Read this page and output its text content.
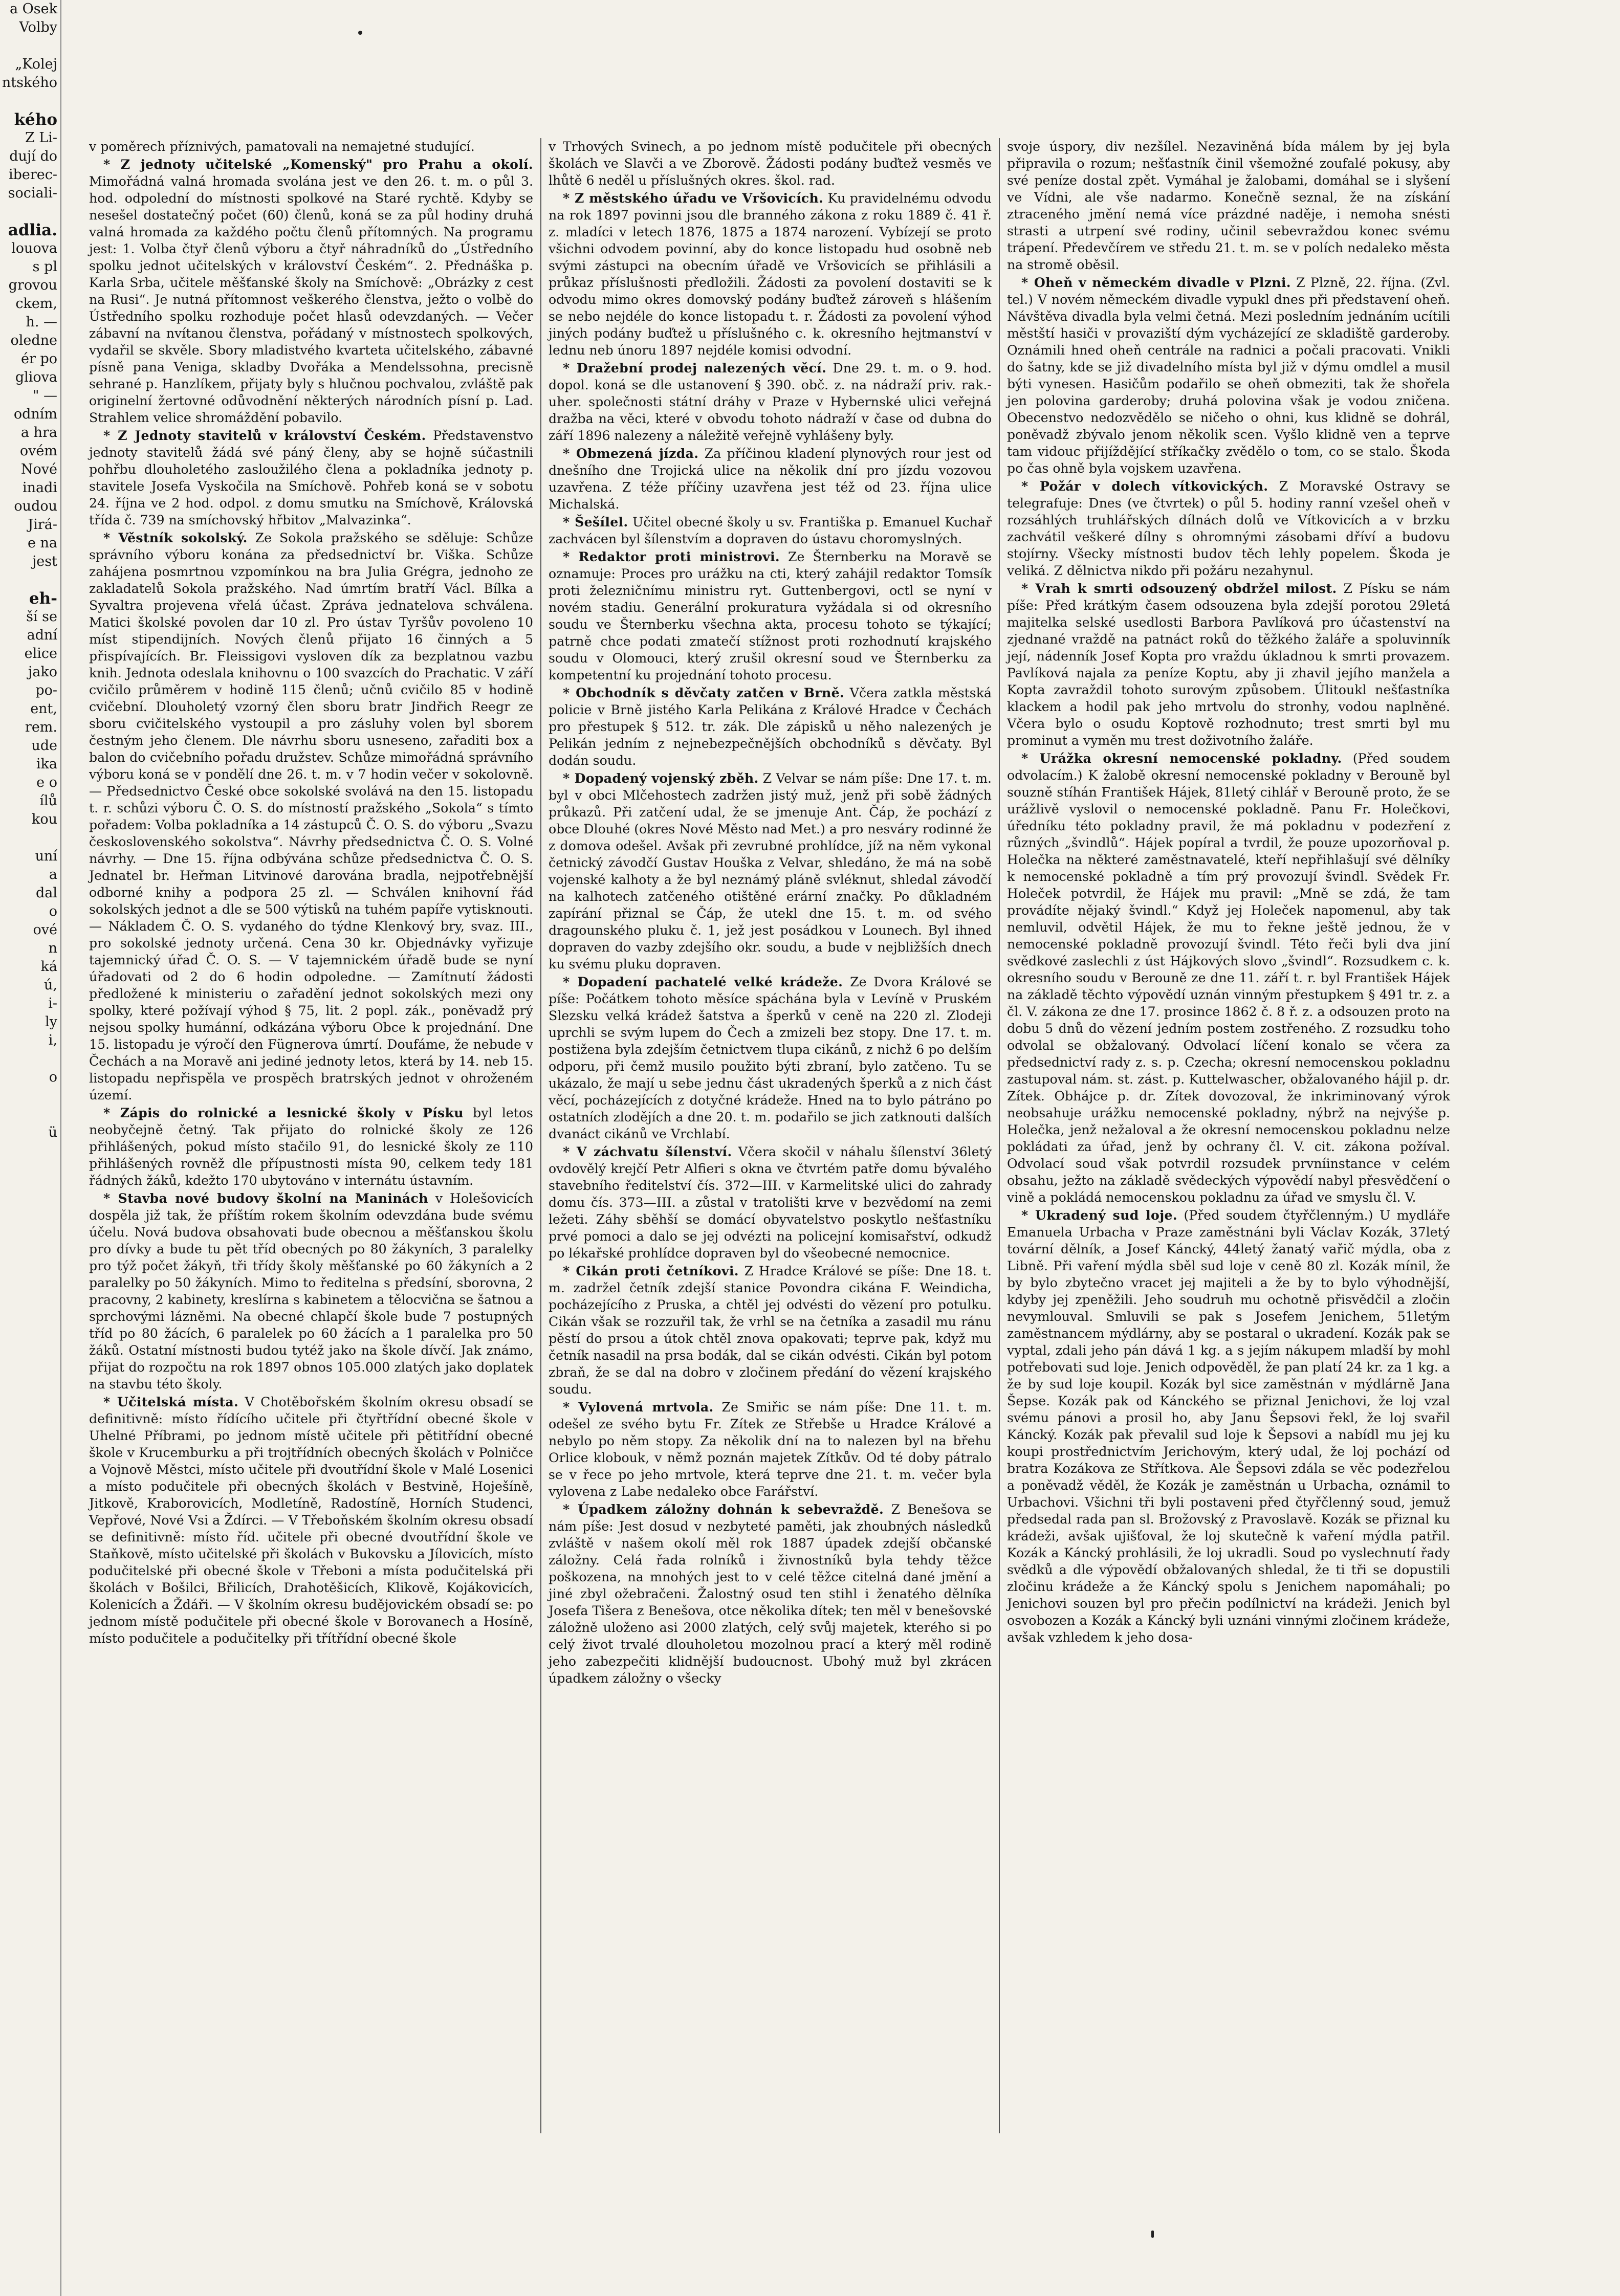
a Osek
Volby

„Kolej
ntského

kého
Z Li-
dují do
iberec-
sociali-

adlia.
louova
s pl
grovou
ckem,
h. —
oledne
ér po
gliova
" —
odním
a hra
ovém
Nové
inadi
oudou
Jirá-
e na
jest

eh-
ší se
adní
elice
jako
po-
ent,
rem.
ude
ika
e o
ílů
kou

uní
a
dal
o
ové
n
ká
ú,
i-
ly
i,

o

ü

v poměrech příznivých, pamatovali na nemajetné studující.

* Z jednoty učitelské „Komenský" pro Prahu a okolí. Mimořádná valná hromada svolána jest ve den 26. t. m. o půl 3. hod. odpolední do místnosti spolkové na Staré rychtě. Kdyby se nesešel dostatečný počet (60) členů, koná se za půl hodiny druhá valná hromada za každého počtu členů přítomných. Na programu jest: 1. Volba čtyř členů výboru a čtyř náhradníků do „Ústředního spolku jednot učitelských v království Českém“. 2. Přednáška p. Karla Srba, učitele měšťanské školy na Smíchově: „Obrázky z cest na Rusi“. Je nutná přítomnost veškerého členstva, ježto o volbě do Ústředního spolku rozhoduje počet hlasů odevzdaných. — Večer zábavní na nvítanou členstva, pořádaný v místnostech spolkových, vydařil se skvěle. Sbory mladistvého kvarteta učitelského, zábavné písně pana Veniga, skladby Dvořáka a Mendelssohna, precisně sehrané p. Hanzlíkem, přijaty byly s hlučnou pochvalou, zvláště pak originelní žertovné odůvodnění některých národních písní p. Lad. Strahlem velice shromáždění pobavilo.

* Z Jednoty stavitelů v království Českém. Představenstvo jednoty stavitelů žádá své páný členy, aby se hojně súčastnili pohřbu dlouholetého zasloužilého člena a pokladníka jednoty p. stavitele Josefa Vyskočila na Smíchově. Pohřeb koná se v sobotu 24. října ve 2 hod. odpol. z domu smutku na Smíchově, Královská třída č. 739 na smíchovský hřbitov „Malvazinka“.

* Věstník sokolský. Ze Sokola pražského se sděluje: Schůze správního výboru konána za předsednictví br. Viška. Schůze zahájena posmrtnou vzpomínkou na bra Julia Grégra, jednoho ze zakladatelů Sokola pražského. Nad úmrtím bratří Václ. Bílka a Syvaltra projevena vřelá účast. Zpráva jednatelova schválena. Matici školské povolen dar 10 zl. Pro ústav Tyršův povoleno 10 míst stipendijních. Nových členů přijato 16 činných a 5 přispívajících. Br. Fleissigovi vysloven dík za bezplatnou vazbu knih. Jednota odeslala knihovnu o 100 svazcích do Prachatic. V září cvičilo průměrem v hodině 115 členů; učnů cvičilo 85 v hodině cvičební. Dlouholetý vzorný člen sboru bratr Jindřich Reegr ze sboru cvičitelského vystoupil a pro zásluhy volen byl sborem čestným jeho členem. Dle návrhu sboru usneseno, zařaditi box a balon do cvičebního pořadu družstev. Schůze mimořádná správního výboru koná se v pondělí dne 26. t. m. v 7 hodin večer v sokolovně. — Předsednictvo České obce sokolské svolává na den 15. listopadu t. r. schůzi výboru Č. O. S. do místností pražského „Sokola“ s tímto pořadem: Volba pokladníka a 14 zástupců Č. O. S. do výboru „Svazu československého sokolstva“. Návrhy předsednictva Č. O. S. Volné návrhy. — Dne 15. října odbývána schůze předsednictva Č. O. S. Jednatel br. Heřman Litvinové darována bradla, nejpotřebnější odborné knihy a podpora 25 zl. — Schválen knihovní řád sokolských jednot a dle se 500 výtisků na tuhém papíře vytisknouti. — Nákladem Č. O. S. vydaného do týdne Klenkový bry, svaz. III., pro sokolské jednoty určená. Cena 30 kr. Objednávky vyřizuje tajemnický úřad Č. O. S. — V tajemnickém úřadě bude se nyní úřadovati od 2 do 6 hodin odpoledne. — Zamítnutí žádosti předložené k ministeriu o zařadění jednot sokolských mezi ony spolky, které požívají výhod § 75, lit. 2 popl. zák., poněvadž prý nejsou spolky humánní, odkázána výboru Obce k projednání. Dne 15. listopadu je výročí den Fügnerova úmrtí. Doufáme, že nebude v Čechách a na Moravě ani jediné jednoty letos, která by 14. neb 15. listopadu nepřispěla ve prospěch bratrských jednot v ohroženém území.

* Zápis do rolnické a lesnické školy v Písku byl letos neobyčejně četný. Tak přijato do rolnické školy ze 126 přihlášených, pokud místo stačilo 91, do lesnické školy ze 110 přihlášených rovněž dle přípustnosti místa 90, celkem tedy 181 řádných žáků, kdežto 170 ubytováno v internátu ústavním.

* Stavba nové budovy školní na Maninách v Holešovicích dospěla již tak, že příštím rokem školním odevzdána bude svému účelu. Nová budova obsahovati bude obecnou a měšťanskou školu pro dívky a bude tu pět tříd obecných po 80 žákyních, 3 paralelky pro týž počet žákyň, tři třídy školy měšťanské po 60 žákyních a 2 paralelky po 50 žákyních. Mimo to ředitelna s předsíní, sborovna, 2 pracovny, 2 kabinety, kreslírna s kabinetem a tělocvična se šatnou a sprchovými lázněmi. Na obecné chlapčí škole bude 7 postupných tříd po 80 žácích, 6 paralelek po 60 žácích a 1 paralelka pro 50 žáků. Ostatní místnosti budou tytéž jako na škole dívčí. Jak známo, přijat do rozpočtu na rok 1897 obnos 105.000 zlatých jako doplatek na stavbu této školy.

* Učitelská místa. V Chotěbořském školním okresu obsadí se definitivně: místo řídícího učitele při čtyřtřídní obecné škole v Uhelné Příbrami, po jednom místě učitele při pětitřídní obecné škole v Krucemburku a při trojtřídních obecných školách v Polničce a Vojnově Městci, místo učitele při dvoutřídní škole v Malé Losenici a místo podučitele při obecných školách v Bestvině, Hoješíně, Jitkově, Kraborovicích, Modletíně, Radostíně, Horních Studenci, Vepřové, Nové Vsi a Ždírci. — V Třeboňském školním okresu obsadí se definitivně: místo říd. učitele při obecné dvoutřídní škole ve Staňkově, místo učitelské při školách v Bukovsku a Jílovicích, místo podučitelské při obecné škole v Třeboni a místa podučitelská při školách v Bošilci, Břilicích, Drahotěšicích, Klikově, Kojákovicích, Kolenicích a Ždáři. — V školním okresu budějovickém obsadí se: po jednom místě podučitele při obecné škole v Borovanech a Hosíně, místo podučitele a podučitelky při třítřídní obecné škole

v Trhových Svinech, a po jednom místě podučitele při obecných školách ve Slavči a ve Zborově. Žádosti podány buďtež vesměs ve lhůtě 6 neděl u příslušných okres. škol. rad.

* Z městského úřadu ve Vršovicích. Ku pravidelnému odvodu na rok 1897 povinni jsou dle branného zákona z roku 1889 č. 41 ř. z. mladíci v letech 1876, 1875 a 1874 narození. Vybízejí se proto všichni odvodem povinní, aby do konce listopadu hud osobně neb svými zástupci na obecním úřadě ve Vršovicích se přihlásili a průkaz příslušnosti předložili. Žádosti za povolení dostaviti se k odvodu mimo okres domovský podány buďtež zároveň s hlášením se nebo nejdéle do konce listopadu t. r. Žádosti za povolení výhod jiných podány buďtež u příslušného c. k. okresního hejtmanství v lednu neb únoru 1897 nejdéle komisi odvodní.

* Dražební prodej nalezených věcí. Dne 29. t. m. o 9. hod. dopol. koná se dle ustanovení § 390. obč. z. na nádraží priv. rak.-uher. společnosti státní dráhy v Praze v Hybernské ulici veřejná dražba na věci, které v obvodu tohoto nádraží v čase od dubna do září 1896 nalezeny a náležitě veřejně vyhlášeny byly.

* Obmezená jízda. Za příčinou kladení plynových rour jest od dnešního dne Trojická ulice na několik dní pro jízdu vozovou uzavřena. Z téže příčiny uzavřena jest též od 23. října ulice Michalská.

* Šešílel. Učitel obecné školy u sv. Františka p. Emanuel Kuchař zachvácen byl šílenstvím a dopraven do ústavu choromyslných.

* Redaktor proti ministrovi. Ze Šternberku na Moravě se oznamuje: Proces pro urážku na cti, který zahájil redaktor Tomsík proti železničnímu ministru ryt. Guttenbergovi, octl se nyní v novém stadiu. Generální prokuratura vyžádala si od okresního soudu ve Šternberku všechna akta, procesu tohoto se týkající; patrně chce podati zmatečí stížnost proti rozhodnutí krajského soudu v Olomouci, který zrušil okresní soud ve Šternberku za kompetentní ku projednání tohoto procesu.

* Obchodník s děvčaty zatčen v Brně. Včera zatkla městská policie v Brně jistého Karla Pelikána z Králové Hradce v Čechách pro přestupek § 512. tr. zák. Dle zápisků u něho nalezených je Pelikán jedním z nejnebezpečnějších obchodníků s děvčaty. Byl dodán soudu.

* Dopadený vojenský zběh. Z Velvar se nám píše: Dne 17. t. m. byl v obci Mlčehostech zadržen jistý muž, jenž při sobě žádných průkazů. Při zatčení udal, že se jmenuje Ant. Čáp, že pochází z obce Dlouhé (okres Nové Město nad Met.) a pro nesváry rodinné že z domova odešel. Avšak při zevrubné prohlídce, jíž na něm vykonal četnický závodčí Gustav Houška z Velvar, shledáno, že má na sobě vojenské kalhoty a že byl neznámý pláně svléknut, shledal závodčí na kalhotech zatčeného otištěné erární značky. Po důkladném zapírání přiznal se Čáp, že utekl dne 15. t. m. od svého dragounského pluku č. 1, jež jest posádkou v Lounech. Byl ihned dopraven do vazby zdejšího okr. soudu, a bude v nejbližších dnech ku svému pluku dopraven.

* Dopadení pachatelé velké krádeže. Ze Dvora Králové se píše: Počátkem tohoto měsíce spáchána byla v Levíně v Pruském Slezsku velká krádež šatstva a šperků v ceně na 220 zl. Zlodeji uprchli se svým lupem do Čech a zmizeli bez stopy. Dne 17. t. m. postižena byla zdejším četnictvem tlupa cikánů, z nichž 6 po delším odporu, při čemž musilo použito býti zbraní, bylo zatčeno. Tu se ukázalo, že mají u sebe jednu část ukradených šperků a z nich část věcí, pocházejících z dotyčné krádeže. Hned na to bylo pátráno po ostatních zlodějích a dne 20. t. m. podařilo se jich zatknouti dalších dvanáct cikánů ve Vrchlabí.

* V záchvatu šílenství. Včera skočil v náhalu šílenství 36letý ovdovělý krejčí Petr Alfieri s okna ve čtvrtém patře domu bývalého stavebního ředitelství čís. 372—III. v Karmelitské ulici do zahrady domu čís. 373—III. a zůstal v tratolišti krve v bezvědomí na zemi ležeti. Záhy sběhší se domácí obyvatelstvo poskytlo nešťastníku prvé pomoci a dalo se jej odvézti na policejní komisařství, odkudž po lékařské prohlídce dopraven byl do všeobecné nemocnice.

* Cikán proti četníkovi. Z Hradce Králové se píše: Dne 18. t. m. zadržel četník zdejší stanice Povondra cikána F. Weindicha, pocházejícího z Pruska, a chtěl jej odvésti do vězení pro potulku. Cikán však se rozzuřil tak, že vrhl se na četníka a zasadil mu ránu pěstí do prsou a útok chtěl znova opakovati; teprve pak, když mu četník nasadil na prsa bodák, dal se cikán odvésti. Cikán byl potom zbraň, že se dal na dobro v zločinem předání do vězení krajského soudu.

* Vylovená mrtvola. Ze Smiřic se nám píše: Dne 11. t. m. odešel ze svého bytu Fr. Zítek ze Střebše u Hradce Králové a nebylo po něm stopy. Za několik dní na to nalezen byl na břehu Orlice klobouk, v němž poznán majetek Zítkův. Od té doby pátralo se v řece po jeho mrtvole, která teprve dne 21. t. m. večer byla vylovena z Labe nedaleko obce Farářství.

* Úpadkem záložny dohnán k sebevraždě. Z Benešova se nám píše: Jest dosud v nezbyteté paměti, jak zhoubných následků zvláště v našem okolí měl rok 1887 úpadek zdejší občanské záložny. Celá řada rolníků i živnostníků byla tehdy těžce poškozena, na mnohých jest to v celé těžce citelná dané jmění a jiné zbyl ožebračeni. Žalostný osud ten stihl i ženatého dělníka Josefa Tišera z Benešova, otce několika dítek; ten měl v benešovské záložně uloženo asi 2000 zlatých, celý svůj majetek, kterého si po celý život trvalé dlouholetou mozolnou prací a který měl rodině jeho zabezpečiti klidnější budoucnost. Ubohý muž byl zkrácen úpadkem záložny o všecky

svoje úspory, div nezšílel. Nezaviněná bída málem by jej byla připravila o rozum; nešťastník činil všemožné zoufalé pokusy, aby své peníze dostal zpět. Vymáhal je žalobami, domáhal se i slyšení ve Vídni, ale vše nadarmo. Konečně seznal, že na získání ztraceného jmění nemá více prázdné naděje, i nemoha snésti strasti a utrpení své rodiny, učinil sebevraždou konec svému trápení. Předevčírem ve středu 21. t. m. se v polích nedaleko města na stromě oběsil.

* Oheň v německém divadle v Plzni. Z Plzně, 22. října. (Zvl. tel.) V novém německém divadle vypukl dnes při představení oheň. Návštěva divadla byla velmi četná. Mezi posledním jednáním ucítili městští hasiči v provaziští dým vycházející ze skladiště garderoby. Oznámili hned oheň centrále na radnici a počali pracovati. Vnikli do šatny, kde se již divadelního místa byl již v dýmu omdlel a musil býti vynesen. Hasičům podařilo se oheň obmeziti, tak že shořela jen polovina garderoby; druhá polovina však je vodou zničena. Obecenstvo nedozvědělo se ničeho o ohni, kus klidně se dohrál, poněvadž zbývalo jenom několik scen. Vyšlo klidně ven a teprve tam vidouc přijíždějící stříkačky zvědělo o tom, co se stalo. Škoda po čas ohně byla vojskem uzavřena.

* Požár v dolech vítkovických. Z Moravské Ostravy se telegrafuje: Dnes (ve čtvrtek) o půl 5. hodiny ranní vzešel oheň v rozsáhlých truhlářských dílnách dolů ve Vítkovicích a v brzku zachvátil veškeré dílny s ohromnými zásobami dříví a budovu stojírny. Všecky místnosti budov těch lehly popelem. Škoda je veliká. Z dělnictva nikdo při požáru nezahynul.

* Vrah k smrti odsouzený obdržel milost. Z Písku se nám píše: Před krátkým časem odsouzena byla zdejší porotou 29letá majitelka selské usedlosti Barbora Pavlíková pro účastenství na zjednané vraždě na patnáct roků do těžkého žaláře a spoluvinník její, nádenník Josef Kopta pro vraždu úkladnou k smrti provazem. Pavlíková najala za peníze Koptu, aby ji zhavil jejího manžela a Kopta zavraždil tohoto surovým způsobem. Úlitoukl nešťastníka klackem a hodil pak jeho mrtvolu do stronhy, vodou naplněné. Včera bylo o osudu Koptově rozhodnuto; trest smrti byl mu prominut a vyměn mu trest doživotního žaláře.

* Urážka okresní nemocenské pokladny. (Před soudem odvolacím.) K žalobě okresní nemocenské pokladny v Berouně byl souzně stíhán František Hájek, 81letý cihlář v Berouně proto, že se urážlivě vyslovil o nemocenské pokladně. Panu Fr. Holečkovi, úředníku této pokladny pravil, že má pokladnu v podezření z různých „švindlů“. Hájek popíral a tvrdil, že pouze upozorňoval p. Holečka na některé zaměstnavatelé, kteří nepřihlašují své dělníky k nemocenské pokladně a tím prý provozují švindl. Svědek Fr. Holeček potvrdil, že Hájek mu pravil: „Mně se zdá, že tam provádíte nějaký švindl.“ Když jej Holeček napomenul, aby tak nemluvil, odvětil Hájek, že mu to řekne ještě jednou, že v nemocenské pokladně provozují švindl. Této řeči byli dva jiní svědkové zaslechli z úst Hájkových slovo „švindl“. Rozsudkem c. k. okresního soudu v Berouně ze dne 11. září t. r. byl František Hájek na základě těchto výpovědí uznán vinným přestupkem § 491 tr. z. a čl. V. zákona ze dne 17. prosince 1862 č. 8 ř. z. a odsouzen proto na dobu 5 dnů do vězení jedním postem zostřeného. Z rozsudku toho odvolal se obžalovaný. Odvolací líčení konalo se včera za předsednictví rady z. s. p. Czecha; okresní nemocenskou pokladnu zastupoval nám. st. zást. p. Kuttelwascher, obžalovaného hájil p. dr. Zítek. Obhájce p. dr. Zítek dovozoval, že inkriminovaný výrok neobsahuje urážku nemocenské pokladny, nýbrž na nejvýše p. Holečka, jenž nežaloval a že okresní nemocenskou pokladnu nelze pokládati za úřad, jenž by ochrany čl. V. cit. zákona požíval. Odvolací soud však potvrdil rozsudek prvníinstance v celém obsahu, ježto na základě svědeckých výpovědí nabyl přesvědčení o vině a pokládá nemocenskou pokladnu za úřad ve smyslu čl. V.

* Ukradený sud loje. (Před soudem čtyřčlenným.) U mydláře Emanuela Urbacha v Praze zaměstnáni byli Václav Kozák, 37letý tovární dělník, a Josef Káncký, 44letý žanatý vařič mýdla, oba z Libně. Při vaření mýdla sběl sud loje v ceně 80 zl. Kozák mínil, že by bylo zbytečno vracet jej majiteli a že by to bylo výhodnější, kdyby jej zpeněžili. Jeho soudruh mu ochotně přisvědčil a zločin nevymlouval. Smluvili se pak s Josefem Jenichem, 51letým zaměstnancem mýdlárny, aby se postaral o ukradení. Kozák pak se vyptal, zdali jeho pán dává 1 kg. a s jejím nákupem mladší by mohl potřebovati sud loje. Jenich odpověděl, že pan platí 24 kr. za 1 kg. a že by sud loje koupil. Kozák byl sice zaměstnán v mýdlárně Jana Šepse. Kozák pak od Kánckého se přiznal Jenichovi, že loj vzal svému pánovi a prosil ho, aby Janu Šepsovi řekl, že loj svařil Káncký. Kozák pak převalil sud loje k Šepsovi a nabídl mu jej ku koupi prostřednictvím Jerichovým, který udal, že loj pochází od bratra Kozákova ze Střítkova. Ale Šepsovi zdála se věc podezřelou a poněvadž věděl, že Kozák je zaměstnán u Urbacha, oznámil to Urbachovi. Všichni tři byli postaveni před čtyřčlenný soud, jemuž předsedal rada pan sl. Brožovský z Pravoslavě. Kozák se přiznal ku krádeži, avšak ujišťoval, že loj skutečně k vaření mýdla patřil. Kozák a Káncký prohlásili, že loj ukradli. Soud po vyslechnutí řady svědků a dle výpovědí obžalovaných shledal, že ti tři se dopustili zločinu krádeže a že Káncký spolu s Jenichem napomáhali; po Jenichovi souzen byl pro přečin podílnictví na krádeži. Jenich byl osvobozen a Kozák a Káncký byli uznáni vinnými zločinem krádeže, avšak vzhledem k jeho dosa-
